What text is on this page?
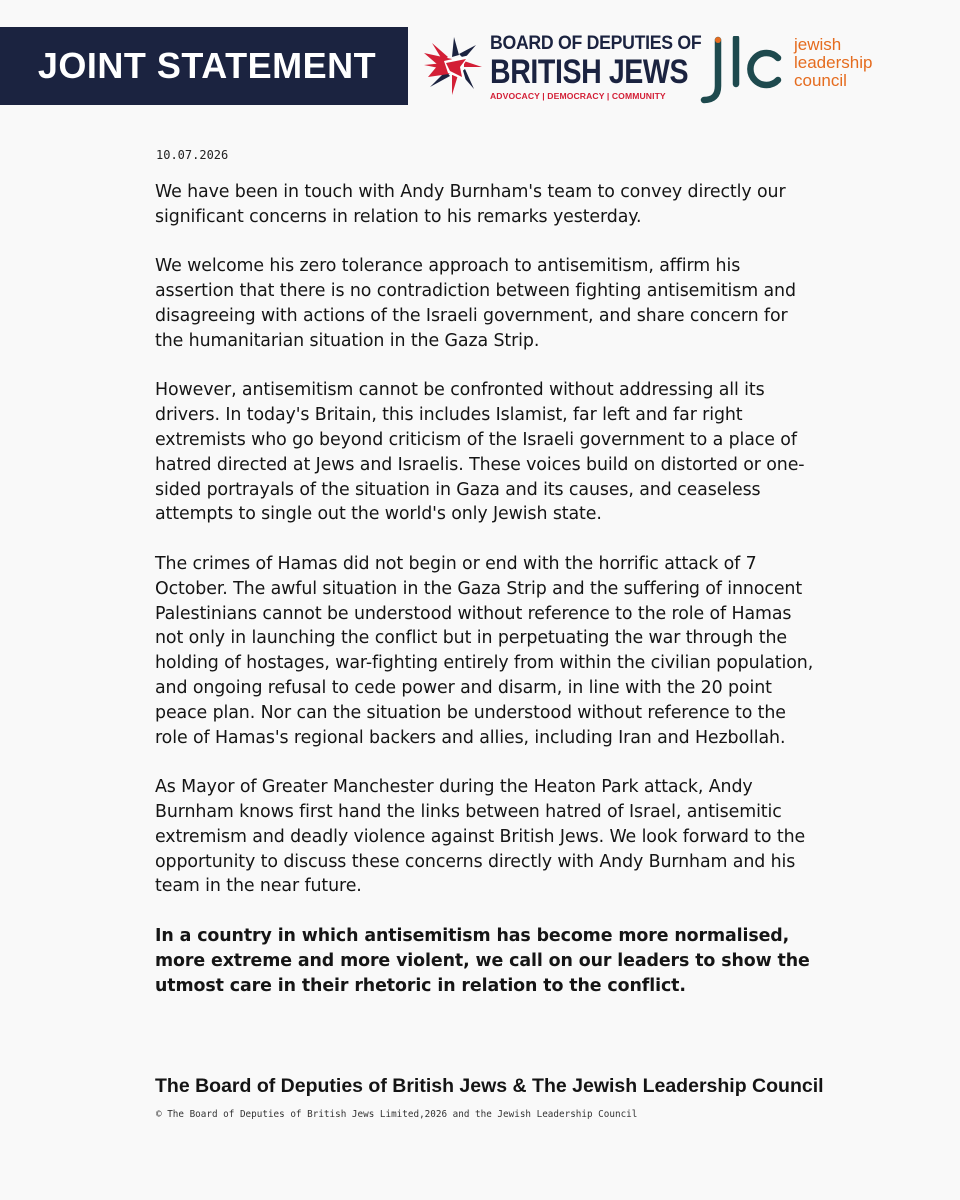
JOINT STATEMENT
BOARD OF DEPUTIES OF
BRITISH JEWS
ADVOCACY | DEMOCRACY | COMMUNITY
jewish
leadership
council
10.07.2026

We have been in touch with Andy Burnham's team to convey directly our significant concerns in relation to his remarks yesterday.

We welcome his zero tolerance approach to antisemitism, affirm his assertion that there is no contradiction between fighting antisemitism and disagreeing with actions of the Israeli government, and share concern for the humanitarian situation in the Gaza Strip.

However, antisemitism cannot be confronted without addressing all its drivers. In today's Britain, this includes Islamist, far left and far right extremists who go beyond criticism of the Israeli government to a place of hatred directed at Jews and Israelis. These voices build on distorted or one-sided portrayals of the situation in Gaza and its causes, and ceaseless attempts to single out the world's only Jewish state.

The crimes of Hamas did not begin or end with the horrific attack of 7 October. The awful situation in the Gaza Strip and the suffering of innocent Palestinians cannot be understood without reference to the role of Hamas not only in launching the conflict but in perpetuating the war through the holding of hostages, war-fighting entirely from within the civilian population, and ongoing refusal to cede power and disarm, in line with the 20 point peace plan. Nor can the situation be understood without reference to the role of Hamas's regional backers and allies, including Iran and Hezbollah.

As Mayor of Greater Manchester during the Heaton Park attack, Andy Burnham knows first hand the links between hatred of Israel, antisemitic extremism and deadly violence against British Jews. We look forward to the opportunity to discuss these concerns directly with Andy Burnham and his team in the near future.

In a country in which antisemitism has become more normalised, more extreme and more violent, we call on our leaders to show the utmost care in their rhetoric in relation to the conflict.

The Board of Deputies of British Jews & The Jewish Leadership Council
© The Board of Deputies of British Jews Limited,2026 and the Jewish Leadership Council
